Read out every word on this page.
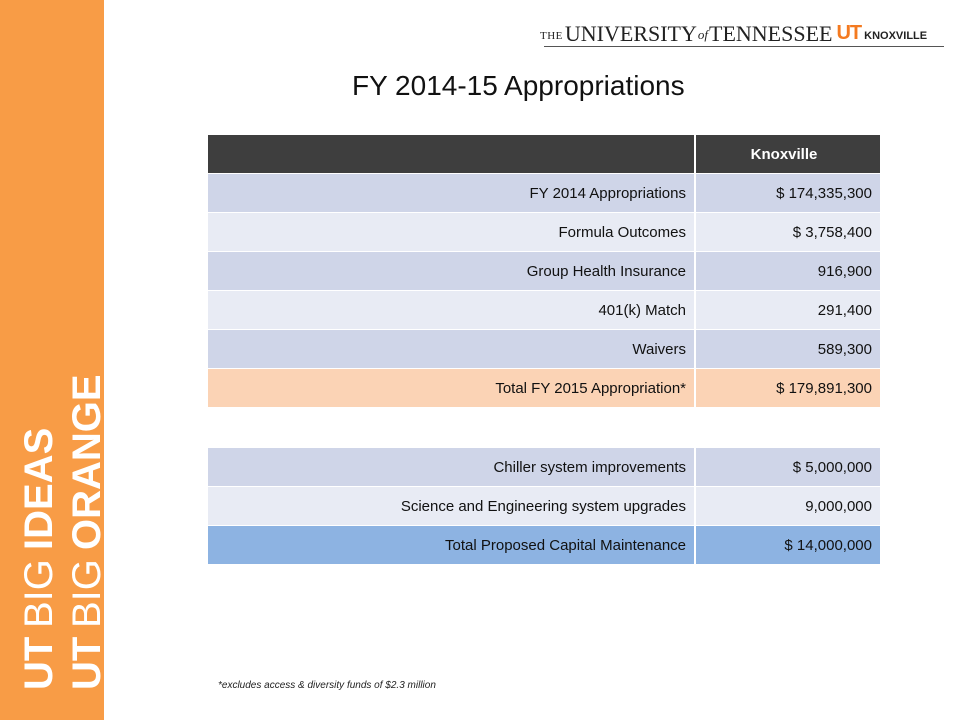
UT
BIG
ORANGE
UT
BIG
IDEAS
THE UNIVERSITY of TENNESSEE UT KNOXVILLE
FY 2014-15 Appropriations
	Knoxville
FY 2014 Appropriations	$ 174,335,300
Formula Outcomes	$ 3,758,400
Group Health Insurance	916,900
401(k) Match	291,400
Waivers	589,300
Total FY 2015 Appropriation*	$ 179,891,300
Chiller system improvements	$ 5,000,000
Science and Engineering system upgrades	9,000,000
Total Proposed Capital Maintenance	$ 14,000,000
*excludes access & diversity funds of $2.3 million
